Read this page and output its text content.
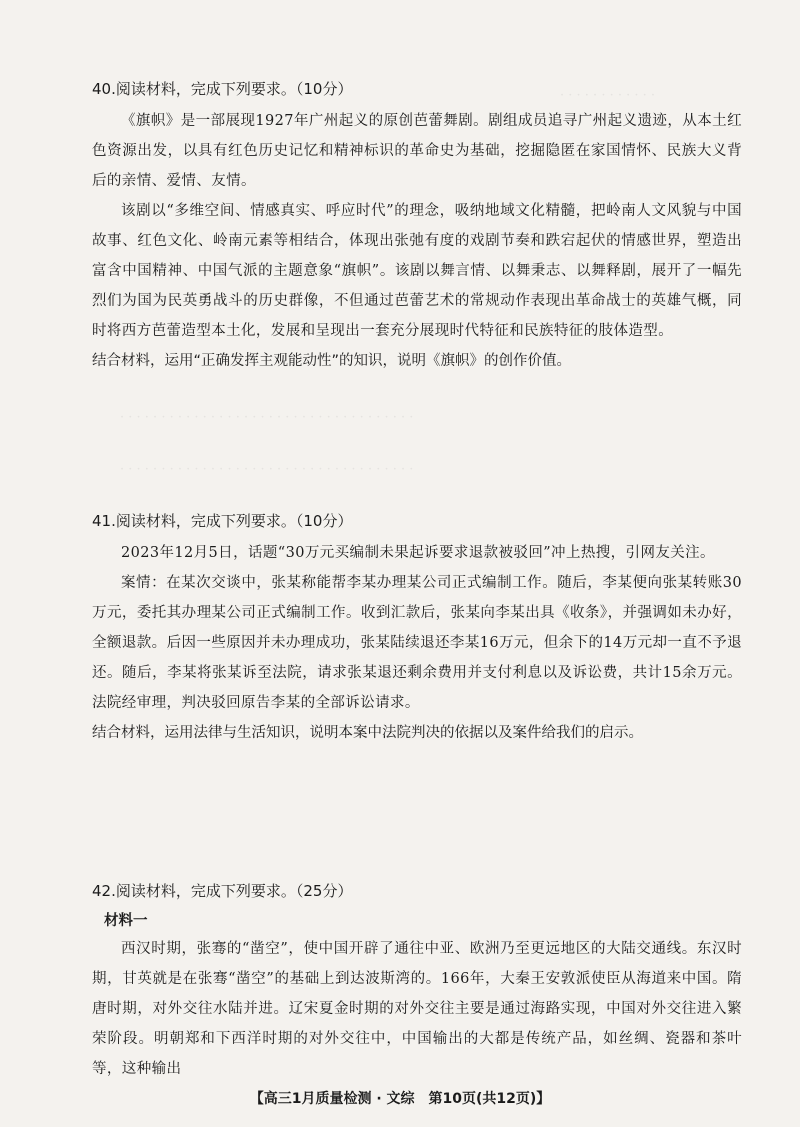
· · · · · · · · · · · ·
· · · · · · · · · · · · · · · · · · · · · · · · · · · · · · · · · · · ·
· · · · · · · · · · · · · · · · · · · · · · · · · · · · · · · · · · · ·

40.阅读材料，完成下列要求。（10分）

《旗帜》是一部展现1927年广州起义的原创芭蕾舞剧。剧组成员追寻广州起义遗迹，从本土红色资源出发，以具有红色历史记忆和精神标识的革命史为基础，挖掘隐匿在家国情怀、民族大义背后的亲情、爱情、友情。

该剧以“多维空间、情感真实、呼应时代”的理念，吸纳地域文化精髓，把岭南人文风貌与中国故事、红色文化、岭南元素等相结合，体现出张弛有度的戏剧节奏和跌宕起伏的情感世界，塑造出富含中国精神、中国气派的主题意象“旗帜”。该剧以舞言情、以舞秉志、以舞释剧，展开了一幅先烈们为国为民英勇战斗的历史群像，不但通过芭蕾艺术的常规动作表现出革命战士的英雄气概，同时将西方芭蕾造型本土化，发展和呈现出一套充分展现时代特征和民族特征的肢体造型。

结合材料，运用“正确发挥主观能动性”的知识，说明《旗帜》的创作价值。

41.阅读材料，完成下列要求。（10分）

2023年12月5日，话题“30万元买编制未果起诉要求退款被驳回”冲上热搜，引网友关注。

案情：在某次交谈中，张某称能帮李某办理某公司正式编制工作。随后，李某便向张某转账30万元，委托其办理某公司正式编制工作。收到汇款后，张某向李某出具《收条》，并强调如未办好，全额退款。后因一些原因并未办理成功，张某陆续退还李某16万元，但余下的14万元却一直不予退还。随后，李某将张某诉至法院，请求张某退还剩余费用并支付利息以及诉讼费，共计15余万元。法院经审理，判决驳回原告李某的全部诉讼请求。

结合材料，运用法律与生活知识，说明本案中法院判决的依据以及案件给我们的启示。

42.阅读材料，完成下列要求。（25分）

材料一

西汉时期，张骞的“凿空”，使中国开辟了通往中亚、欧洲乃至更远地区的大陆交通线。东汉时期，甘英就是在张骞“凿空”的基础上到达波斯湾的。166年，大秦王安敦派使臣从海道来中国。隋唐时期，对外交往水陆并进。辽宋夏金时期的对外交往主要是通过海路实现，中国对外交往进入繁荣阶段。明朝郑和下西洋时期的对外交往中，中国输出的大都是传统产品，如丝绸、瓷器和茶叶等，这种输出

【高三1月质量检测 · 文综　第10页(共12页)】
